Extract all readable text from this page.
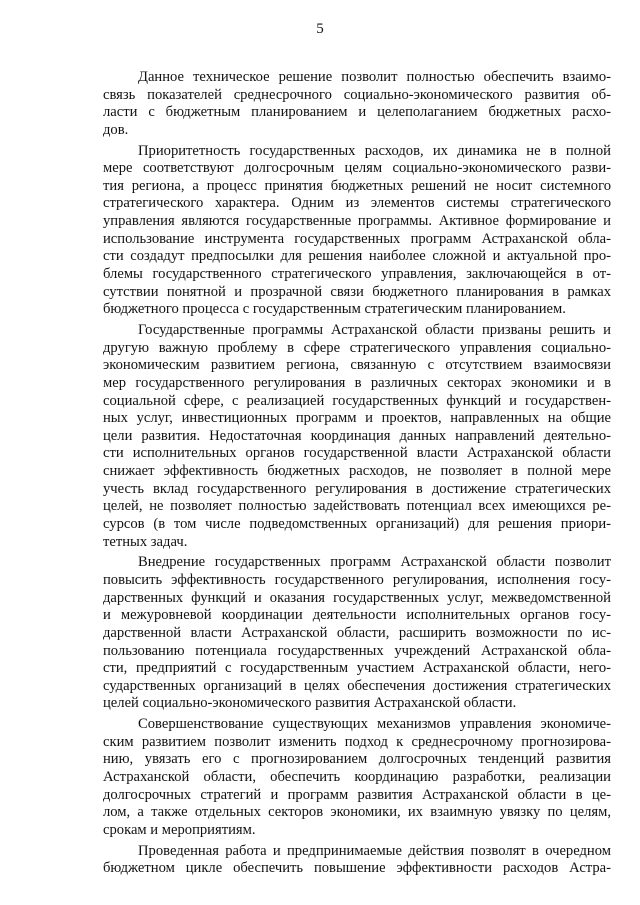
5

Данное техническое решение позволит полностью обеспечить взаимо-
связь показателей среднесрочного социально-экономического развития об-
ласти с бюджетным планированием и целеполаганием бюджетных расхо-
дов.

Приоритетность государственных расходов, их динамика не в полной
мере соответствуют долгосрочным целям социально-экономического разви-
тия региона, а процесс принятия бюджетных решений не носит системного
стратегического характера. Одним из элементов системы стратегического
управления являются государственные программы. Активное формирование и
использование инструмента государственных программ Астраханской обла-
сти создадут предпосылки для решения наиболее сложной и актуальной про-
блемы государственного стратегического управления, заключающейся в от-
сутствии понятной и прозрачной связи бюджетного планирования в рамках
бюджетного процесса с государственным стратегическим планированием.

Государственные программы Астраханской области призваны решить и
другую важную проблему в сфере стратегического управления социально-
экономическим развитием региона, связанную с отсутствием взаимосвязи
мер государственного регулирования в различных секторах экономики и в
социальной сфере, с реализацией государственных функций и государствен-
ных услуг, инвестиционных программ и проектов, направленных на общие
цели развития. Недостаточная координация данных направлений деятельно-
сти исполнительных органов государственной власти Астраханской области
снижает эффективность бюджетных расходов, не позволяет в полной мере
учесть вклад государственного регулирования в достижение стратегических
целей, не позволяет полностью задействовать потенциал всех имеющихся ре-
сурсов (в том числе подведомственных организаций) для решения приори-
тетных задач.

Внедрение государственных программ Астраханской области позволит
повысить эффективность государственного регулирования, исполнения госу-
дарственных функций и оказания государственных услуг, межведомственной
и межуровневой координации деятельности исполнительных органов госу-
дарственной власти Астраханской области, расширить возможности по ис-
пользованию потенциала государственных учреждений Астраханской обла-
сти, предприятий с государственным участием Астраханской области, него-
сударственных организаций в целях обеспечения достижения стратегических
целей социально-экономического развития Астраханской области.

Совершенствование существующих механизмов управления экономиче-
ским развитием позволит изменить подход к среднесрочному прогнозирова-
нию, увязать его с прогнозированием долгосрочных тенденций развития
Астраханской области, обеспечить координацию разработки, реализации
долгосрочных стратегий и программ развития Астраханской области в це-
лом, а также отдельных секторов экономики, их взаимную увязку по целям,
срокам и мероприятиям.

Проведенная работа и предпринимаемые действия позволят в очередном
бюджетном цикле обеспечить повышение эффективности расходов Астра-
